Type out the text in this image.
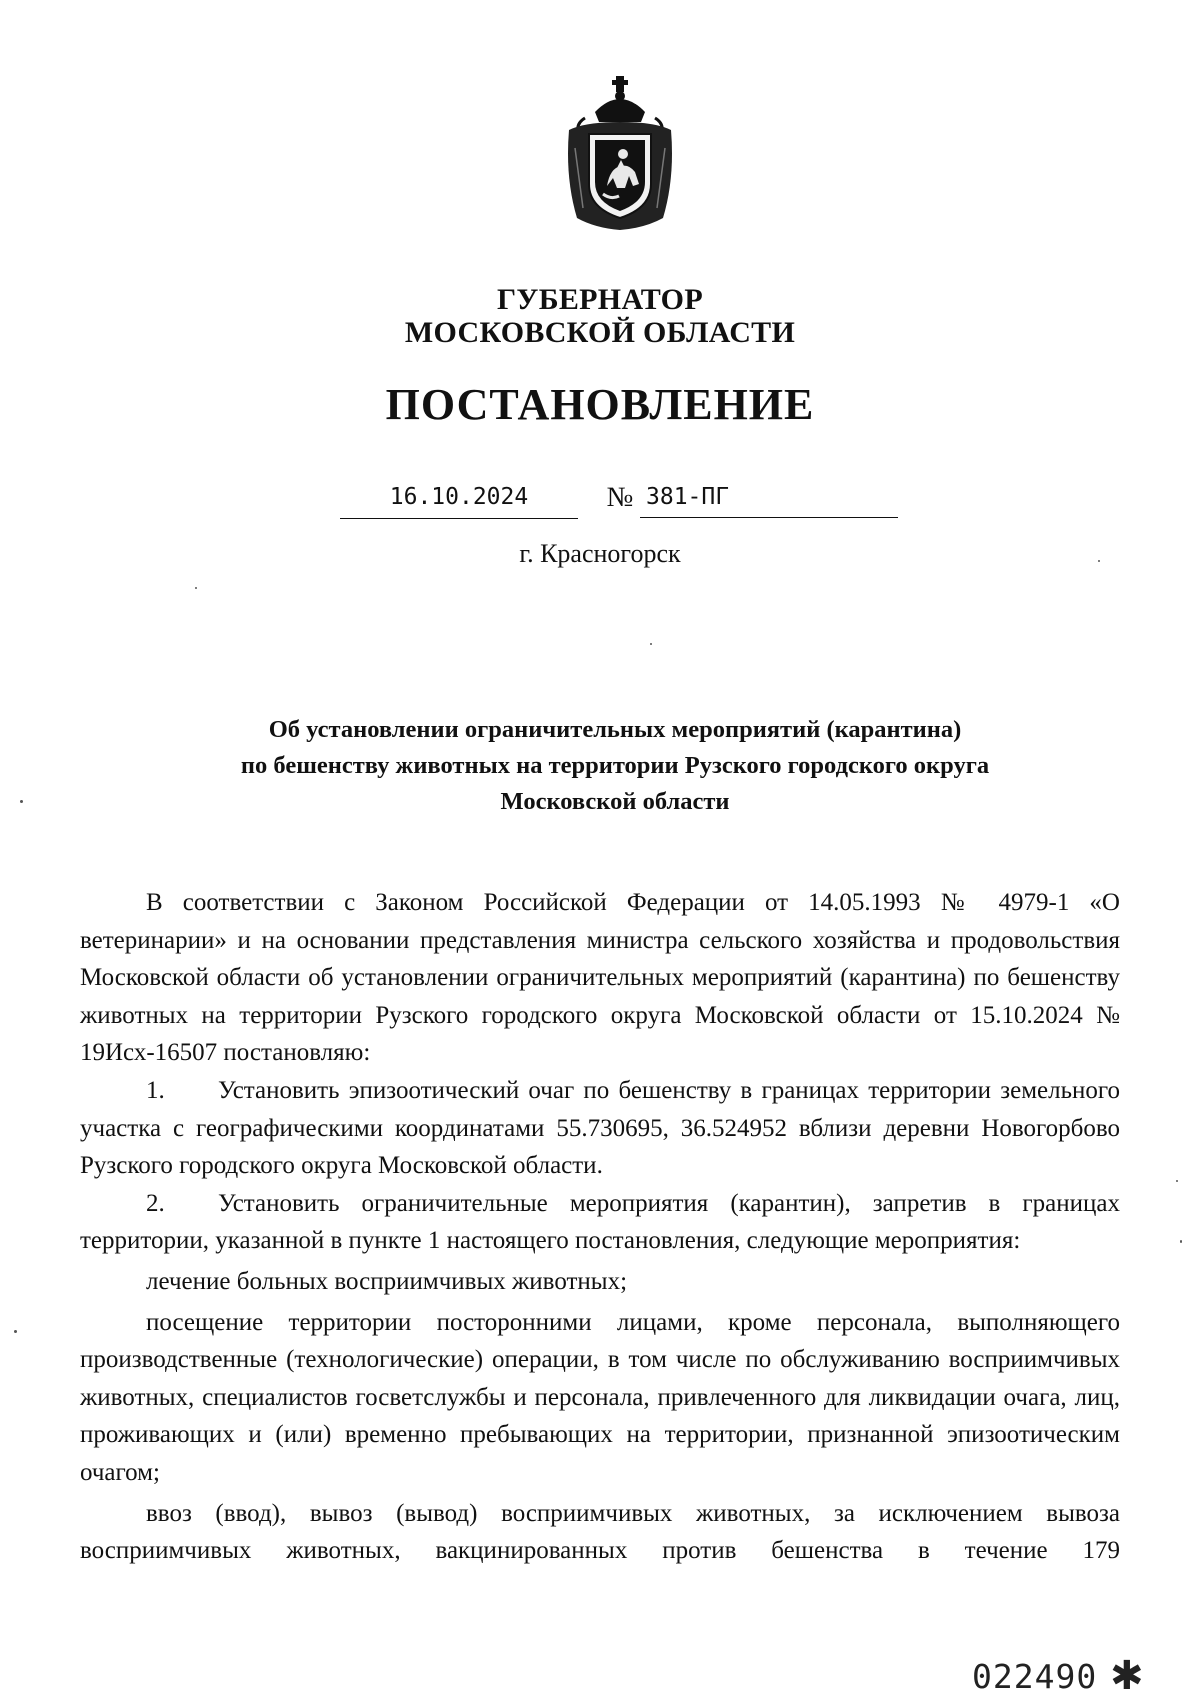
ГУБЕРНАТОР
МОСКОВСКОЙ ОБЛАСТИ
ПОСТАНОВЛЕНИЕ
16.10.2024	№ 381-ПГ
г. Красногорск
Об установлении ограничительных мероприятий (карантина)
по бешенству животных на территории Рузского городского округа
Московской области

В соответствии с Законом Российской Федерации от 14.05.1993 № 4979-1 «О ветеринарии» и на основании представления министра сельского хозяйства и продовольствия Московской области об установлении ограничительных мероприятий (карантина) по бешенству животных на территории Рузского городского округа Московской области от 15.10.2024 № 19Исх-16507 постановляю:

1. Установить эпизоотический очаг по бешенству в границах территории земельного участка с географическими координатами 55.730695, 36.524952 вблизи деревни Новогорбово Рузского городского округа Московской области.

2. Установить ограничительные мероприятия (карантин), запретив в границах территории, указанной в пункте 1 настоящего постановления, следующие мероприятия:

лечение больных восприимчивых животных;

посещение территории посторонними лицами, кроме персонала, выполняющего производственные (технологические) операции, в том числе по обслуживанию восприимчивых животных, специалистов госветслужбы и персонала, привлеченного для ликвидации очага, лиц, проживающих и (или) временно пребывающих на территории, признанной эпизоотическим очагом;

ввоз (ввод), вывоз (вывод) восприимчивых животных, за исключением вывоза восприимчивых животных, вакцинированных против бешенства в течение 179

022490 ✱
